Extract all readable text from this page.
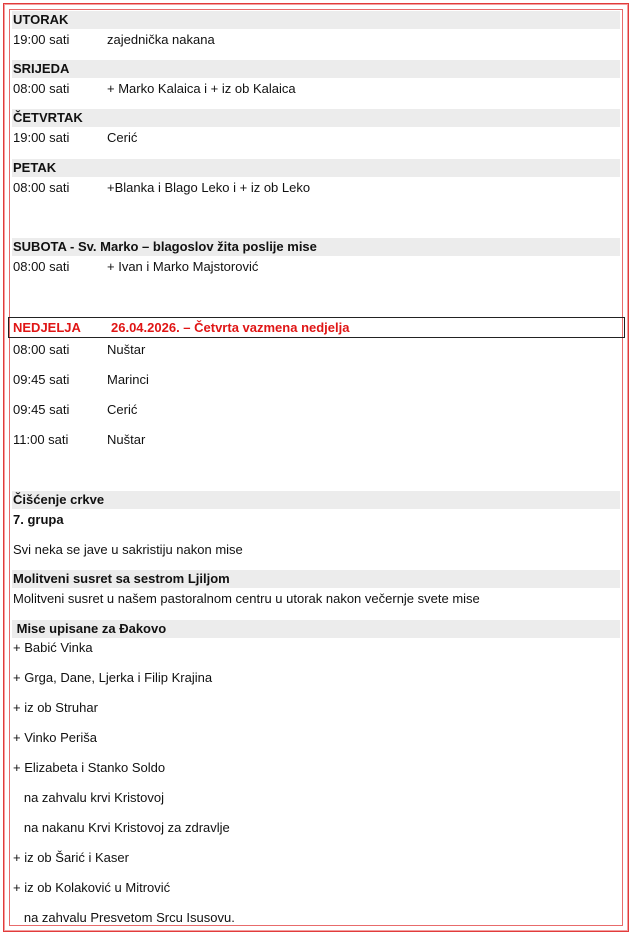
UTORAK
19:00 sati	zajednička nakana
SRIJEDA
08:00 sati	+ Marko Kalaica i + iz ob Kalaica
ČETVRTAK
19:00 sati	Cerić
PETAK
08:00 sati	+Blanka i Blago Leko i + iz ob Leko
SUBOTA - Sv. Marko – blagoslov žita poslije mise
08:00 sati	+ Ivan i Marko Majstorović
NEDJELJA 26.04.2026. – Četvrta vazmena nedjelja
08:00 sati	Nuštar
09:45 sati	Marinci
09:45 sati	Cerić
11:00 sati	Nuštar
Čišćenje crkve
7. grupa
Svi neka se jave u sakristiju nakon mise
Molitveni susret sa sestrom Ljiljom
Molitveni susret u našem pastoralnom centru u utorak nakon večernje svete mise
Mise upisane za Đakovo
+ Babić Vinka
+ Grga, Dane, Ljerka i Filip Krajina
+ iz ob Struhar
+ Vinko Periša
+ Elizabeta i Stanko Soldo
na zahvalu krvi Kristovoj
na nakanu Krvi Kristovoj za zdravlje
+ iz ob Šarić i Kaser
+ iz ob Kolaković u Mitrović
na zahvalu Presvetom Srcu Isusovu.
